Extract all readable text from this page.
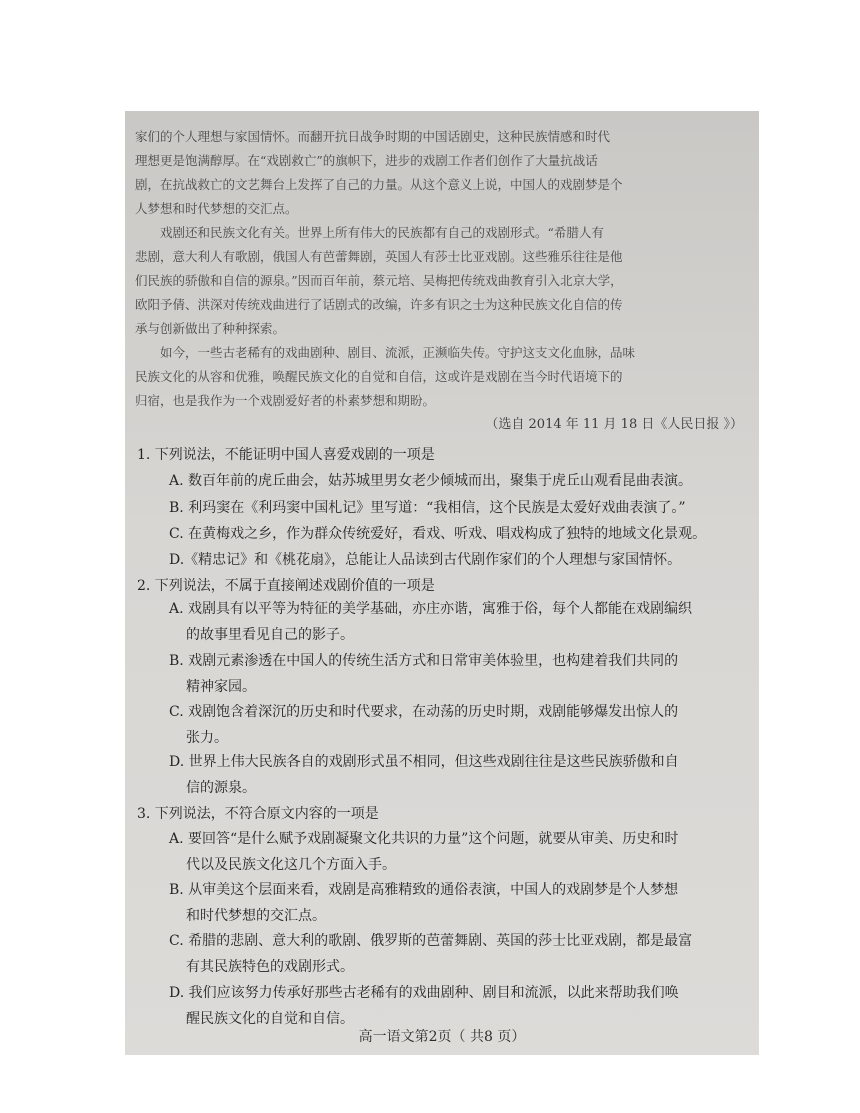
家们的个人理想与家国情怀。而翻开抗日战争时期的中国话剧史，这种民族情感和时代
理想更是饱满醇厚。在“戏剧救亡”的旗帜下，进步的戏剧工作者们创作了大量抗战话
剧，在抗战救亡的文艺舞台上发挥了自己的力量。从这个意义上说，中国人的戏剧梦是个
人梦想和时代梦想的交汇点。
　　戏剧还和民族文化有关。世界上所有伟大的民族都有自己的戏剧形式。“希腊人有
悲剧，意大利人有歌剧，俄国人有芭蕾舞剧，英国人有莎士比亚戏剧。这些雅乐往往是他
们民族的骄傲和自信的源泉。”因而百年前，蔡元培、吴梅把传统戏曲教育引入北京大学，
欧阳予倩、洪深对传统戏曲进行了话剧式的改编，许多有识之士为这种民族文化自信的传
承与创新做出了种种探索。
　　如今，一些古老稀有的戏曲剧种、剧目、流派，正濒临失传。守护这支文化血脉，品味
民族文化的从容和优雅，唤醒民族文化的自觉和自信，这或许是戏剧在当今时代语境下的
归宿，也是我作为一个戏剧爱好者的朴素梦想和期盼。
（选自 2014 年 11 月 18 日《人民日报 》）
1. 下列说法，不能证明中国人喜爱戏剧的一项是
A. 数百年前的虎丘曲会，姑苏城里男女老少倾城而出，聚集于虎丘山观看昆曲表演。
B. 利玛窦在《利玛窦中国札记》里写道：“我相信，这个民族是太爱好戏曲表演了。”
C. 在黄梅戏之乡，作为群众传统爱好，看戏、听戏、唱戏构成了独特的地域文化景观。
D.《精忠记》和《桃花扇》，总能让人品读到古代剧作家们的个人理想与家国情怀。
2. 下列说法，不属于直接阐述戏剧价值的一项是
A. 戏剧具有以平等为特征的美学基础，亦庄亦谐，寓雅于俗，每个人都能在戏剧编织
的故事里看见自己的影子。
B. 戏剧元素渗透在中国人的传统生活方式和日常审美体验里，也构建着我们共同的
精神家园。
C. 戏剧饱含着深沉的历史和时代要求，在动荡的历史时期，戏剧能够爆发出惊人的
张力。
D. 世界上伟大民族各自的戏剧形式虽不相同，但这些戏剧往往是这些民族骄傲和自
信的源泉。
3. 下列说法，不符合原文内容的一项是
A. 要回答“是什么赋予戏剧凝聚文化共识的力量”这个问题，就要从审美、历史和时
代以及民族文化这几个方面入手。
B. 从审美这个层面来看，戏剧是高雅精致的通俗表演，中国人的戏剧梦是个人梦想
和时代梦想的交汇点。
C. 希腊的悲剧、意大利的歌剧、俄罗斯的芭蕾舞剧、英国的莎士比亚戏剧，都是最富
有其民族特色的戏剧形式。
D. 我们应该努力传承好那些古老稀有的戏曲剧种、剧目和流派，以此来帮助我们唤
醒民族文化的自觉和自信。
高一语文第2页（ 共8 页）
